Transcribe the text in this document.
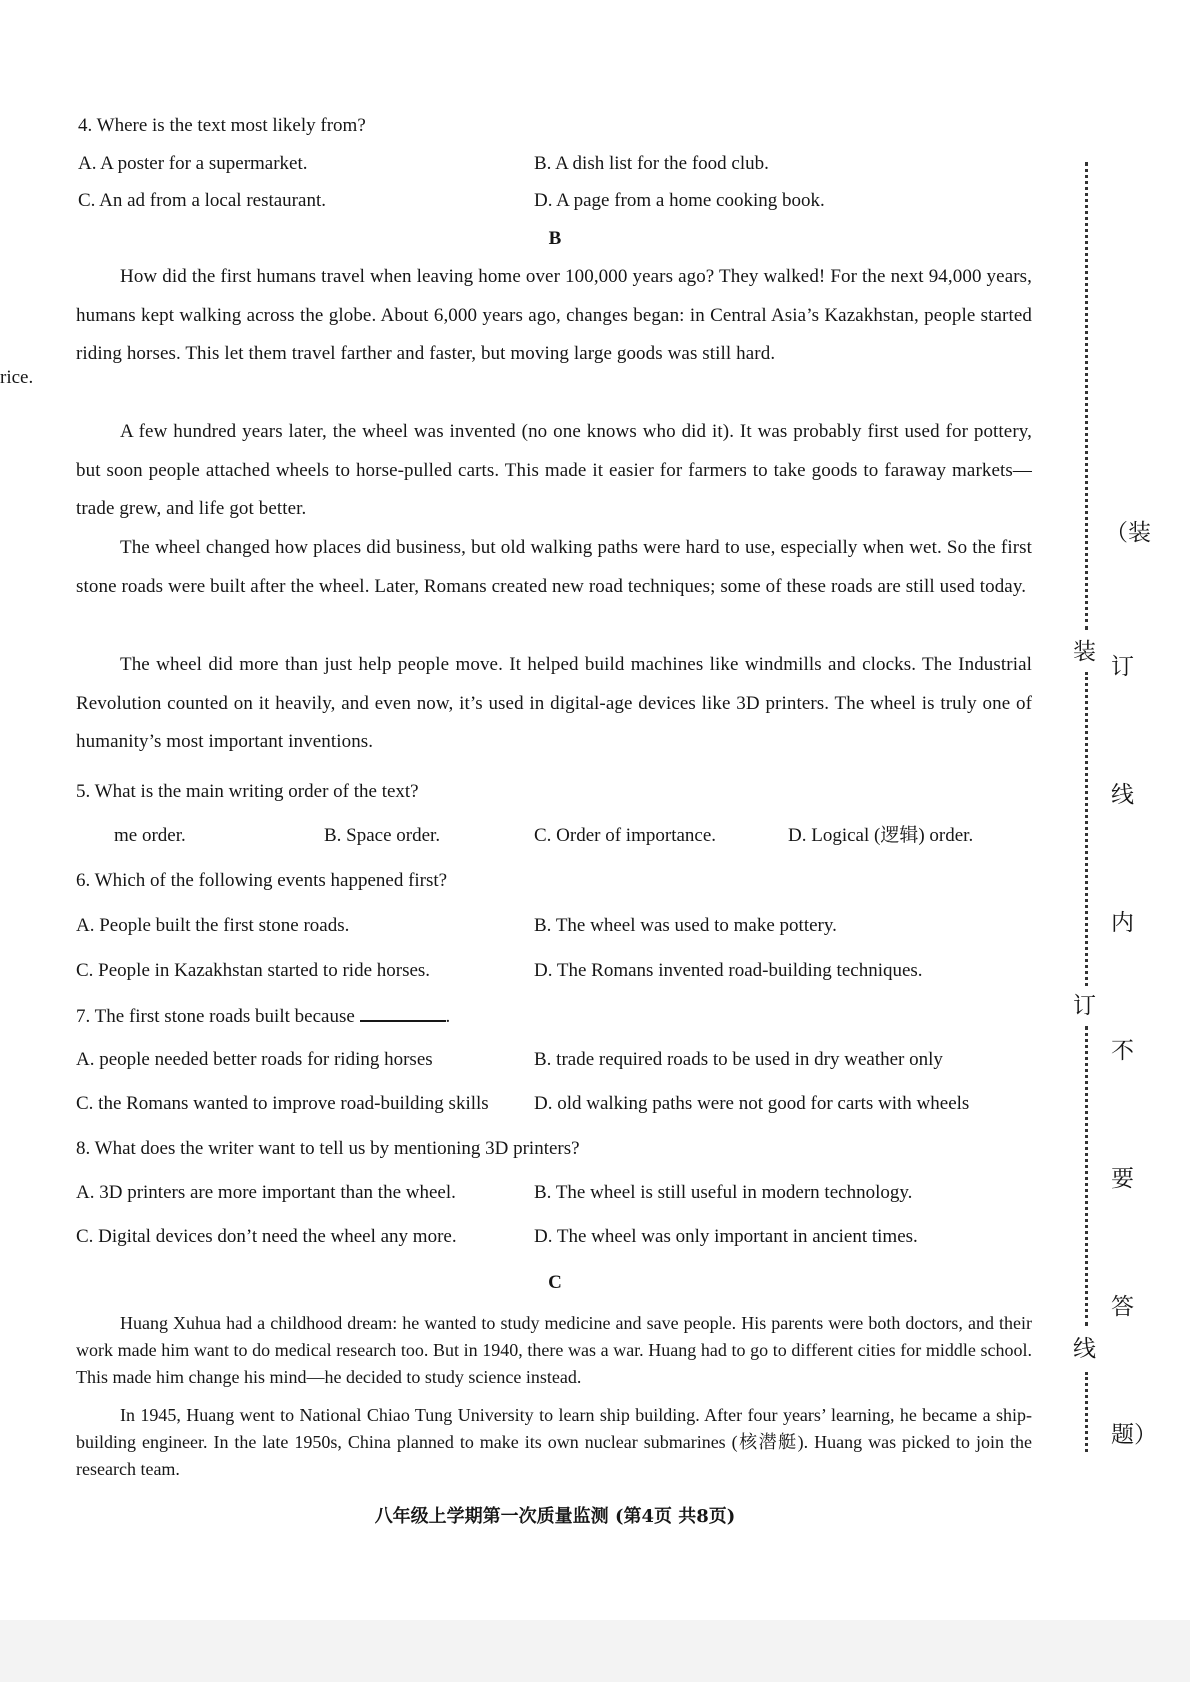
rice.
4. Where is the text most likely from?
A. A poster for a supermarket.	B. A dish list for the food club.
C. An ad from a local restaurant.	D. A page from a home cooking book.
B
How did the first humans travel when leaving home over 100,000 years ago? They walked! For the next 94,000 years, humans kept walking across the globe. About 6,000 years ago, changes began: in Central Asia’s Kazakhstan, people started riding horses. This let them travel farther and faster, but moving large goods was still hard.
A few hundred years later, the wheel was invented (no one knows who did it). It was probably first used for pottery, but soon people attached wheels to horse-pulled carts. This made it easier for farmers to take goods to faraway markets—trade grew, and life got better.
The wheel changed how places did business, but old walking paths were hard to use, especially when wet. So the first stone roads were built after the wheel. Later, Romans created new road techniques; some of these roads are still used today.
The wheel did more than just help people move. It helped build machines like windmills and clocks. The Industrial Revolution counted on it heavily, and even now, it’s used in digital-age devices like 3D printers. The wheel is truly one of humanity’s most important inventions.
5. What is the main writing order of the text?
me order.	B. Space order.	C. Order of importance.	D. Logical (逻辑) order.
6. Which of the following events happened first?
A. People built the first stone roads.	B. The wheel was used to make pottery.
C. People in Kazakhstan started to ride horses.	D. The Romans invented road-building techniques.
7. The first stone roads built because	.
A. people needed better roads for riding horses	B. trade required roads to be used in dry weather only
C. the Romans wanted to improve road-building skills D. old walking paths were not good for carts with wheels
8. What does the writer want to tell us by mentioning 3D printers?
A. 3D printers are more important than the wheel.	B. The wheel is still useful in modern technology.
C. Digital devices don’t need the wheel any more.	D. The wheel was only important in ancient times.
C
Huang Xuhua had a childhood dream: he wanted to study medicine and save people. His parents were both doctors, and their work made him want to do medical research too. But in 1940, there was a war. Huang had to go to different cities for middle school. This made him change his mind—he decided to study science instead.
In 1945, Huang went to National Chiao Tung University to learn ship building. After four years’ learning, he became a ship-building engineer. In the late 1950s, China planned to make its own nuclear submarines (核潜艇). Huang was picked to join the research team.
装
订
线
（装
订
线
内
不
要
答
题）
八年级上学期第一次质量监测 (第4页 共8页)
